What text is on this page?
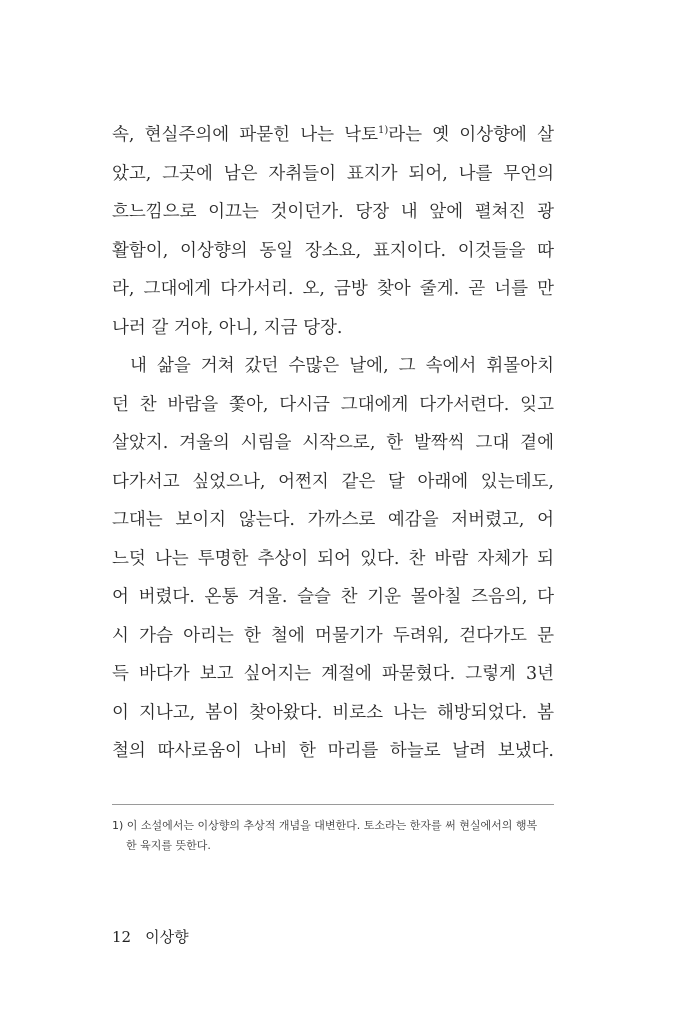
속, 현실주의에 파묻힌 나는 낙토$^{1)}$라는 옛 이상향에 살
았고, 그곳에 남은 자취들이 표지가 되어, 나를 무언의
흐느낌으로 이끄는 것이던가. 당장 내 앞에 펼쳐진 광
활함이, 이상향의 동일 장소요, 표지이다. 이것들을 따
라, 그대에게 다가서리. 오, 금방 찾아 줄게. 곧 너를 만
나러 갈 거야, 아니, 지금 당장.
내 삶을 거쳐 갔던 수많은 날에, 그 속에서 휘몰아치
던 찬 바람을 쫓아, 다시금 그대에게 다가서련다. 잊고
살았지. 겨울의 시림을 시작으로, 한 발짝씩 그대 곁에
다가서고 싶었으나, 어쩐지 같은 달 아래에 있는데도,
그대는 보이지 않는다. 가까스로 예감을 저버렸고, 어
느덧 나는 투명한 추상이 되어 있다. 찬 바람 자체가 되
어 버렸다. 온통 겨울. 슬슬 찬 기운 몰아칠 즈음의, 다
시 가슴 아리는 한 철에 머물기가 두려워, 걷다가도 문
득 바다가 보고 싶어지는 계절에 파묻혔다. 그렇게 3년
이 지나고, 봄이 찾아왔다. 비로소 나는 해방되었다. 봄
철의 따사로움이 나비 한 마리를 하늘로 날려 보냈다.
1) 이 소설에서는 이상향의 추상적 개념을 대변한다. 토소라는 한자를 써 현실에서의 행복
한 육지를 뜻한다.
12 이상향
